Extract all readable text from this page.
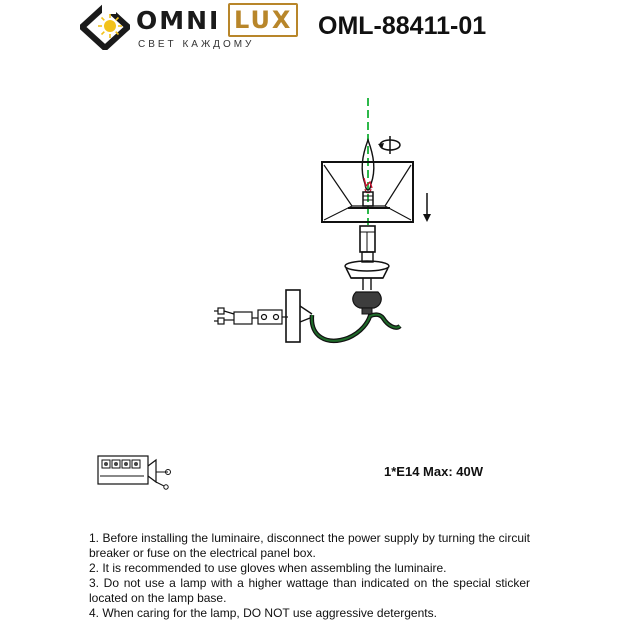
OMNI LUX
СВЕТ КАЖДОМУ
OML-88411-01
1*E14 Max: 40W

1. Before installing the luminaire, disconnect the power supply by turning the circuit breaker or fuse on the electrical panel box.

2. It is recommended to use gloves when assembling the luminaire.

3. Do not use a lamp with a higher wattage than indicated on the special sticker located on the lamp base.

4. When caring for the lamp, DO NOT use aggressive detergents.
